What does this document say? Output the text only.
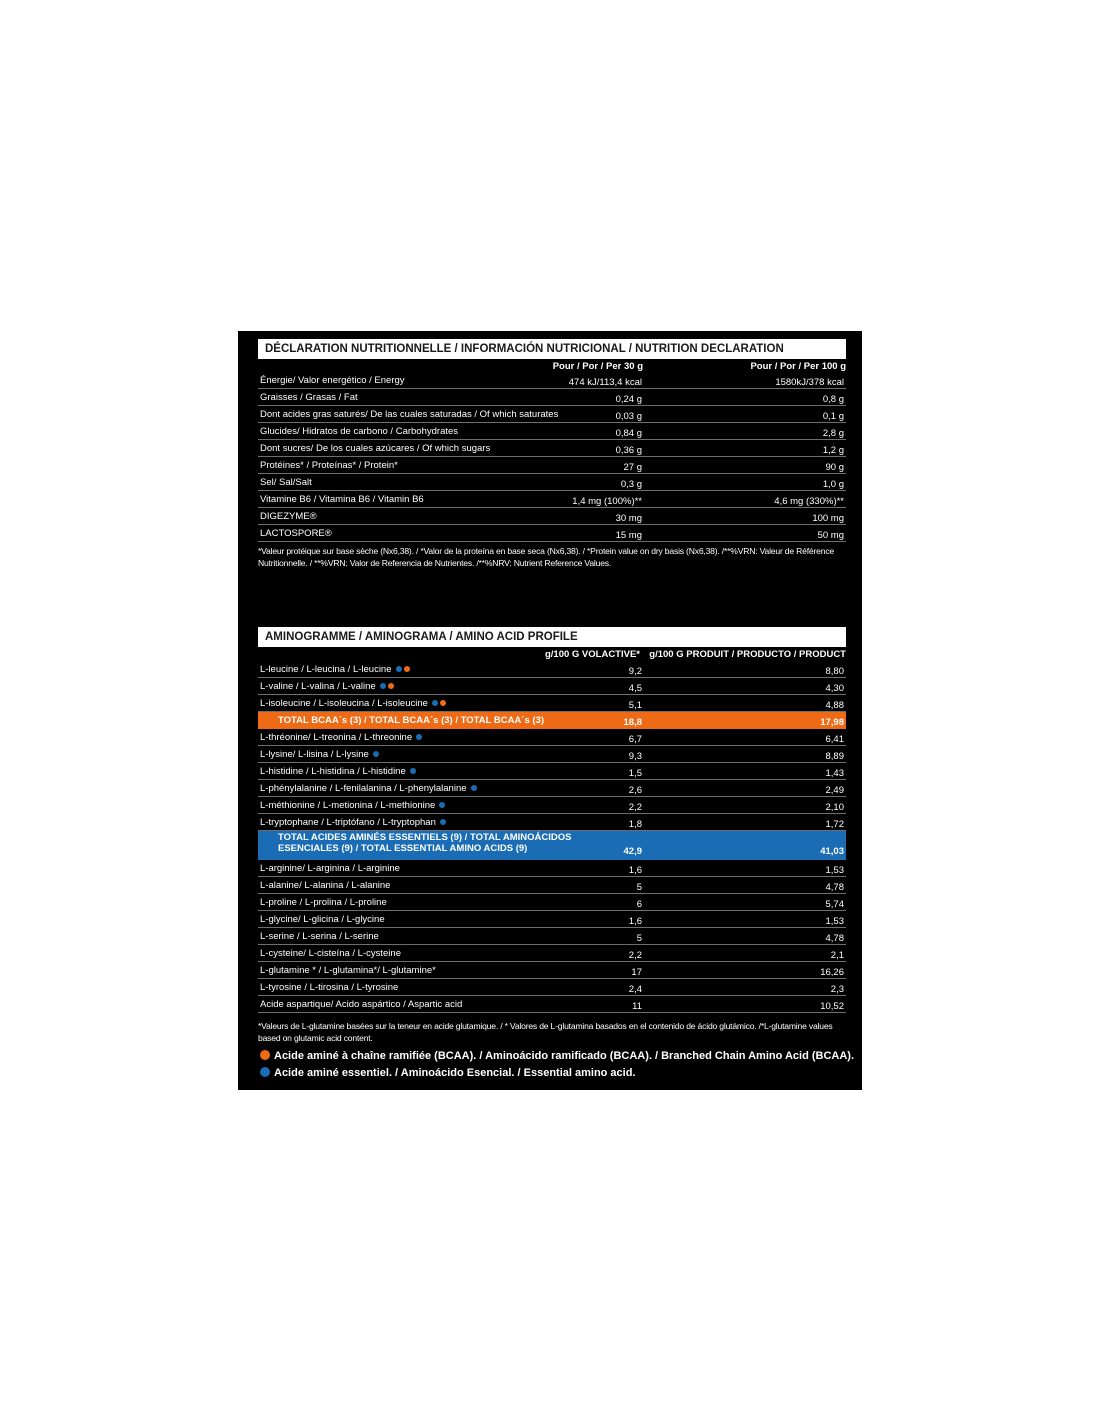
DÉCLARATION NUTRITIONNELLE / INFORMACIÓN NUTRICIONAL / NUTRITION DECLARATION
Pour / Por / Per 30 g	Pour / Por / Per 100 g
Énergie/ Valor energético / Energy	474 kJ/113,4 kcal	1580kJ/378 kcal
Graisses / Grasas / Fat	0,24 g	0,8 g
Dont acides gras saturés/ De las cuales saturadas / Of which saturates	0,03 g	0,1 g
Glucides/ Hidratos de carbono / Carbohydrates	0,84 g	2,8 g
Dont sucres/ De los cuales azúcares / Of which sugars	0,36 g	1,2 g
Protéines* / Proteínas* / Protein*	27 g	90 g
Sel/ Sal/Salt	0,3 g	1,0 g
Vitamine B6 / Vitamina B6 / Vitamin B6	1,4 mg (100%)**	4,6 mg (330%)**
DIGEZYME®	30 mg	100 mg
LACTOSPORE®	15 mg	50 mg
*Valeur protéique sur base sèche (Nx6,38). / *Valor de la proteína en base seca (Nx6,38). / *Protein value on dry basis (Nx6,38). /**%VRN: Valeur de Référence Nutritionnelle. / **%VRN: Valor de Referencia de Nutrientes. /**%NRV: Nutrient Reference Values.
AMINOGRAMME / AMINOGRAMA / AMINO ACID PROFILE
g/100 G VOLACTIVE* g/100 G PRODUIT / PRODUCTO / PRODUCT
L-leucine / L-leucina / L-leucine	9,2	8,80
L-valine / L-valina / L-valine	4,5	4,30
L-isoleucine / L-isoleucina / L-isoleucine	5,1	4,88
TOTAL BCAA´s (3) / TOTAL BCAA´s (3) / TOTAL BCAA´s (3)	18,8	17,98
L-thréonine/ L-treonina / L-threonine	6,7	6,41
L-lysine/ L-lisina / L-lysine	9,3	8,89
L-histidine / L-histidina / L-histidine	1,5	1,43
L-phénylalanine / L-fenilalanina / L-phenylalanine	2,6	2,49
L-méthionine / L-metionina / L-methionine	2,2	2,10
L-tryptophane / L-triptófano / L-tryptophan	1,8	1,72
TOTAL ACIDES AMINÉS ESSENTIELS (9) / TOTAL AMINOÁCIDOS ESENCIALES (9) / TOTAL ESSENTIAL AMINO ACIDS (9)	42,9	41,03
L-arginine/ L-arginina / L-arginine	1,6	1,53
L-alanine/ L-alanina / L-alanine	5	4,78
L-proline / L-prolina / L-proline	6	5,74
L-glycine/ L-glicina / L-glycine	1,6	1,53
L-serine / L-serina / L-serine	5	4,78
L-cysteine/ L-cisteína / L-cysteine	2,2	2,1
L-glutamine * / L-glutamina*/ L-glutamine*	17	16,26
L-tyrosine / L-tirosina / L-tyrosine	2,4	2,3
Acide aspartique/ Acido aspártico / Aspartic acid	11	10,52
*Valeurs de L-glutamine basées sur la teneur en acide glutamique. / * Valores de L-glutamina basados en el contenido de ácido glutámico. /*L-glutamine values based on glutamic acid content.
Acide aminé à chaîne ramifiée (BCAA). / Aminoácido ramificado (BCAA). / Branched Chain Amino Acid (BCAA).
Acide aminé essentiel. / Aminoácido Esencial. / Essential amino acid.
